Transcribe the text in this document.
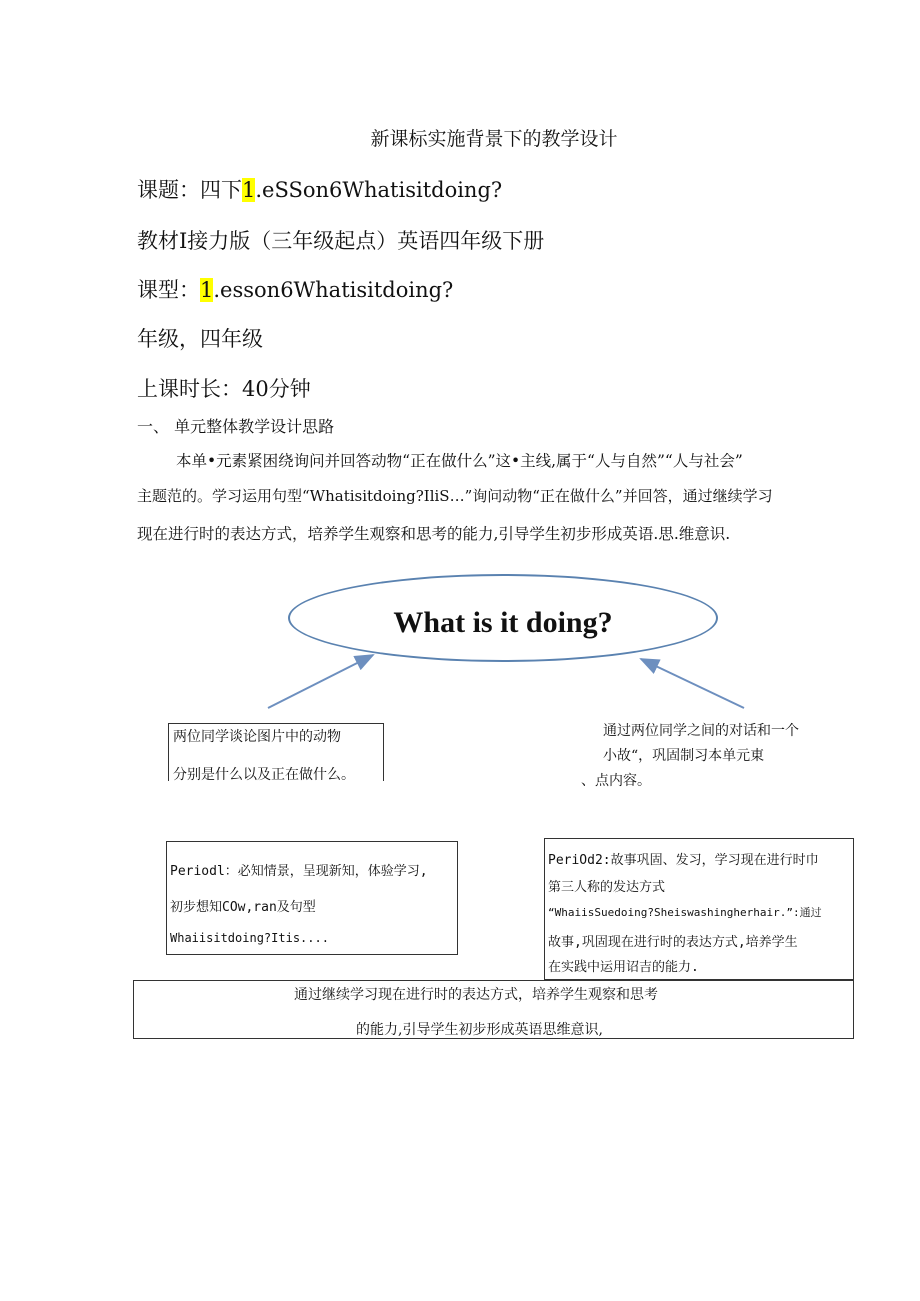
新课标实施背景下的教学设计
课题：四下1.eSSon6Whatisitdoing?
教材I接力版（三年级起点）英语四年级下册
课型：1.esson6Whatisitdoing?
年级，四年级
上课时长：40分钟
一、 单元整体教学设计思路
本单•元素紧困绕询问并回答动物“正在做什么”这•主线,属于“人与自然”“人与社会”
主题范的。学习运用句型“Whatisitdoing?IliS…”询问动物“正在做什么”并回答，通过继续学习
现在进行时的表达方式，培养学生观察和思考的能力,引导学生初步形成英语.思.维意识.
What is it doing?
两位同学谈论图片中的动物
分别是什么以及正在做什么。
通过两位同学之间的对话和一个
小故“，巩固制习本单元東
、点内容。
Periodl：必知情景，呈现新知，体验学习,
初步想知COw,ran及句型
Whaiisitdoing?Itis....
PeriOd2:故事巩固、发习，学习现在进行时巾
第三人称的发达方式
“WhaiisSuedoing?Sheiswashingherhair.”:通过
故事,巩固现在进行时的表达方式,培养学生
在实践中运用诏吉的能力.
通过继续学习现在进行时的表达方式，培养学生观察和思考
的能力,引导学生初步形成英语思维意识,
